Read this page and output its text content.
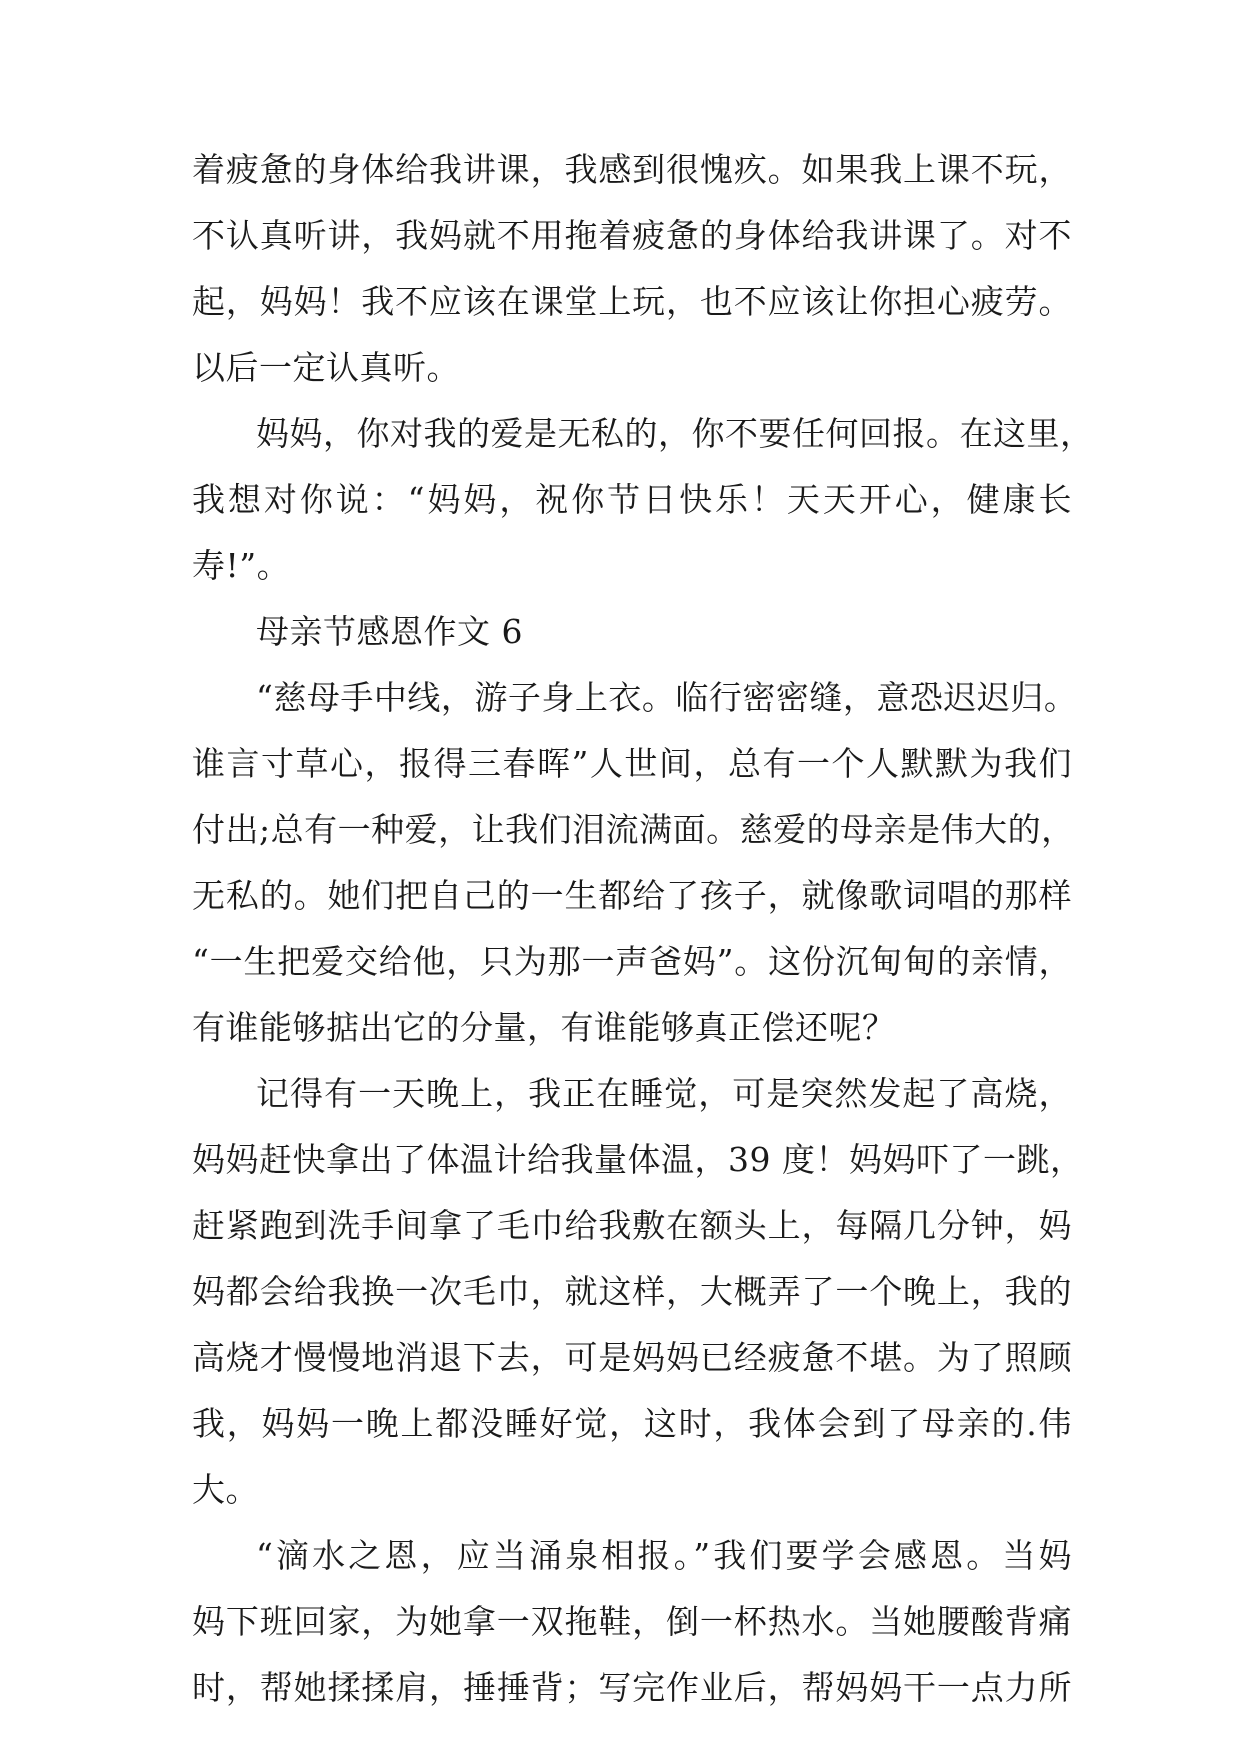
着疲惫的身体给我讲课，我感到很愧疚。如果我上课不玩，
不认真听讲，我妈就不用拖着疲惫的身体给我讲课了。对不
起，妈妈！我不应该在课堂上玩，也不应该让你担心疲劳。
以后一定认真听。
妈妈，你对我的爱是无私的，你不要任何回报。在这里，
我想对你说：“妈妈，祝你节日快乐！天天开心，健康长
寿!”。
母亲节感恩作文 6
“慈母手中线，游子身上衣。临行密密缝，意恐迟迟归。
谁言寸草心，报得三春晖”人世间，总有一个人默默为我们
付出;总有一种爱，让我们泪流满面。慈爱的母亲是伟大的，
无私的。她们把自己的一生都给了孩子，就像歌词唱的那样
“一生把爱交给他，只为那一声爸妈”。这份沉甸甸的亲情，
有谁能够掂出它的分量，有谁能够真正偿还呢？
记得有一天晚上，我正在睡觉，可是突然发起了高烧，
妈妈赶快拿出了体温计给我量体温，39 度！妈妈吓了一跳，
赶紧跑到洗手间拿了毛巾给我敷在额头上，每隔几分钟，妈
妈都会给我换一次毛巾，就这样，大概弄了一个晚上，我的
高烧才慢慢地消退下去，可是妈妈已经疲惫不堪。为了照顾
我，妈妈一晚上都没睡好觉，这时，我体会到了母亲的.伟
大。
“滴水之恩，应当涌泉相报。”我们要学会感恩。当妈
妈下班回家，为她拿一双拖鞋，倒一杯热水。当她腰酸背痛
时，帮她揉揉肩，捶捶背；写完作业后，帮妈妈干一点力所
